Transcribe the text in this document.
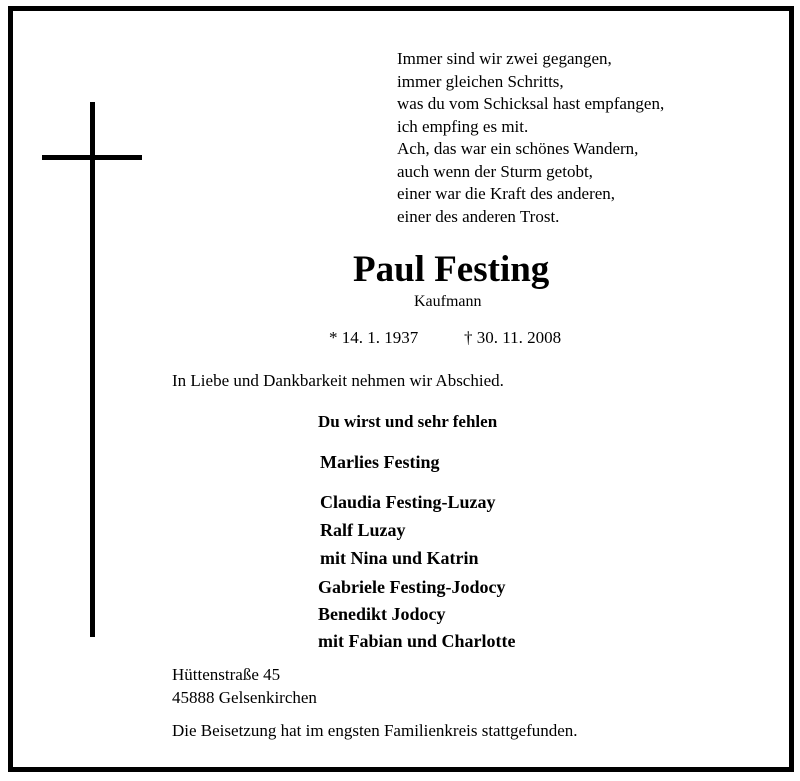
Immer sind wir zwei gegangen,
immer gleichen Schritts,
was du vom Schicksal hast empfangen,
ich empfing es mit.
Ach, das war ein schönes Wandern,
auch wenn der Sturm getobt,
einer war die Kraft des anderen,
einer des anderen Trost.
Paul Festing
Kaufmann
* 14. 1. 1937	† 30. 11. 2008
In Liebe und Dankbarkeit nehmen wir Abschied.
Du wirst und sehr fehlen
Marlies Festing
Claudia Festing-Luzay
Ralf Luzay
mit Nina und Katrin
Gabriele Festing-Jodocy
Benedikt Jodocy
mit Fabian und Charlotte
Hüttenstraße 45
45888 Gelsenkirchen
Die Beisetzung hat im engsten Familienkreis stattgefunden.
